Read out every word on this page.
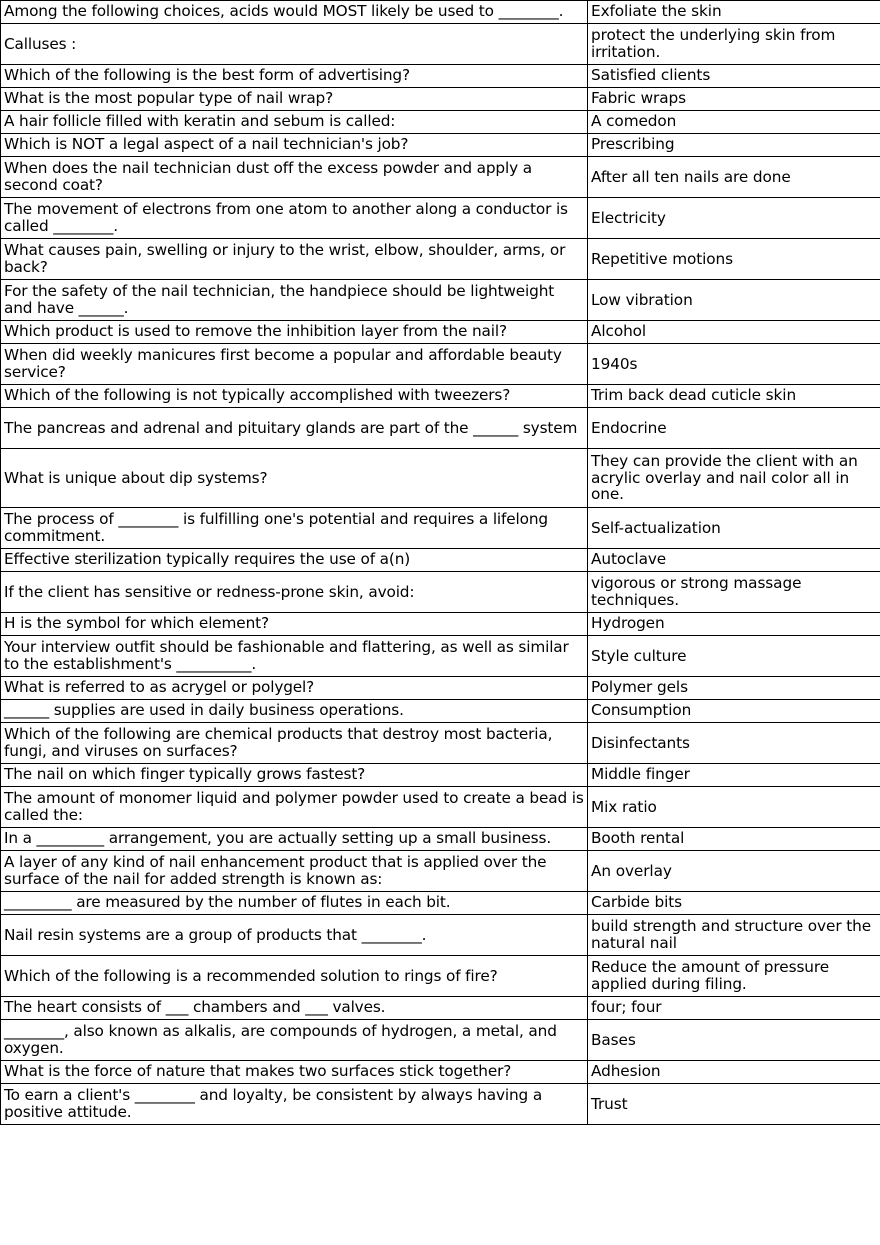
Among the following choices, acids would MOST likely be used to ________.	Exfoliate the skin
Calluses :	protect the underlying skin from irritation.
Which of the following is the best form of advertising?	Satisfied clients
What is the most popular type of nail wrap?	Fabric wraps
A hair follicle filled with keratin and sebum is called:	A comedon
Which is NOT a legal aspect of a nail technician's job?	Prescribing
When does the nail technician dust off the excess powder and apply a second coat?	After all ten nails are done
The movement of electrons from one atom to another along a conductor is called ________.	Electricity
What causes pain, swelling or injury to the wrist, elbow, shoulder, arms, or back?	Repetitive motions
For the safety of the nail technician, the handpiece should be lightweight and have ______.	Low vibration
Which product is used to remove the inhibition layer from the nail?	Alcohol
When did weekly manicures first become a popular and affordable beauty service?	1940s
Which of the following is not typically accomplished with tweezers?	Trim back dead cuticle skin
The pancreas and adrenal and pituitary glands are part of the ______ system	Endocrine
What is unique about dip systems?	They can provide the client with an acrylic overlay and nail color all in one.
The process of ________ is fulfilling one's potential and requires a lifelong commitment.	Self-actualization
Effective sterilization typically requires the use of a(n)	Autoclave
If the client has sensitive or redness-prone skin, avoid:	vigorous or strong massage techniques.
H is the symbol for which element?	Hydrogen
Your interview outfit should be fashionable and flattering, as well as similar to the establishment's __________.	Style culture
What is referred to as acrygel or polygel?	Polymer gels
______ supplies are used in daily business operations.	Consumption
Which of the following are chemical products that destroy most bacteria, fungi, and viruses on surfaces?	Disinfectants
The nail on which finger typically grows fastest?	Middle finger
The amount of monomer liquid and polymer powder used to create a bead is called the:	Mix ratio
In a _________ arrangement, you are actually setting up a small business.	Booth rental
A layer of any kind of nail enhancement product that is applied over the surface of the nail for added strength is known as:	An overlay
_________ are measured by the number of flutes in each bit.	Carbide bits
Nail resin systems are a group of products that ________.	build strength and structure over the natural nail
Which of the following is a recommended solution to rings of fire?	Reduce the amount of pressure applied during filing.
The heart consists of ___ chambers and ___ valves.	four; four
________, also known as alkalis, are compounds of hydrogen, a metal, and oxygen.	Bases
What is the force of nature that makes two surfaces stick together?	Adhesion
To earn a client's ________ and loyalty, be consistent by always having a positive attitude.	Trust
